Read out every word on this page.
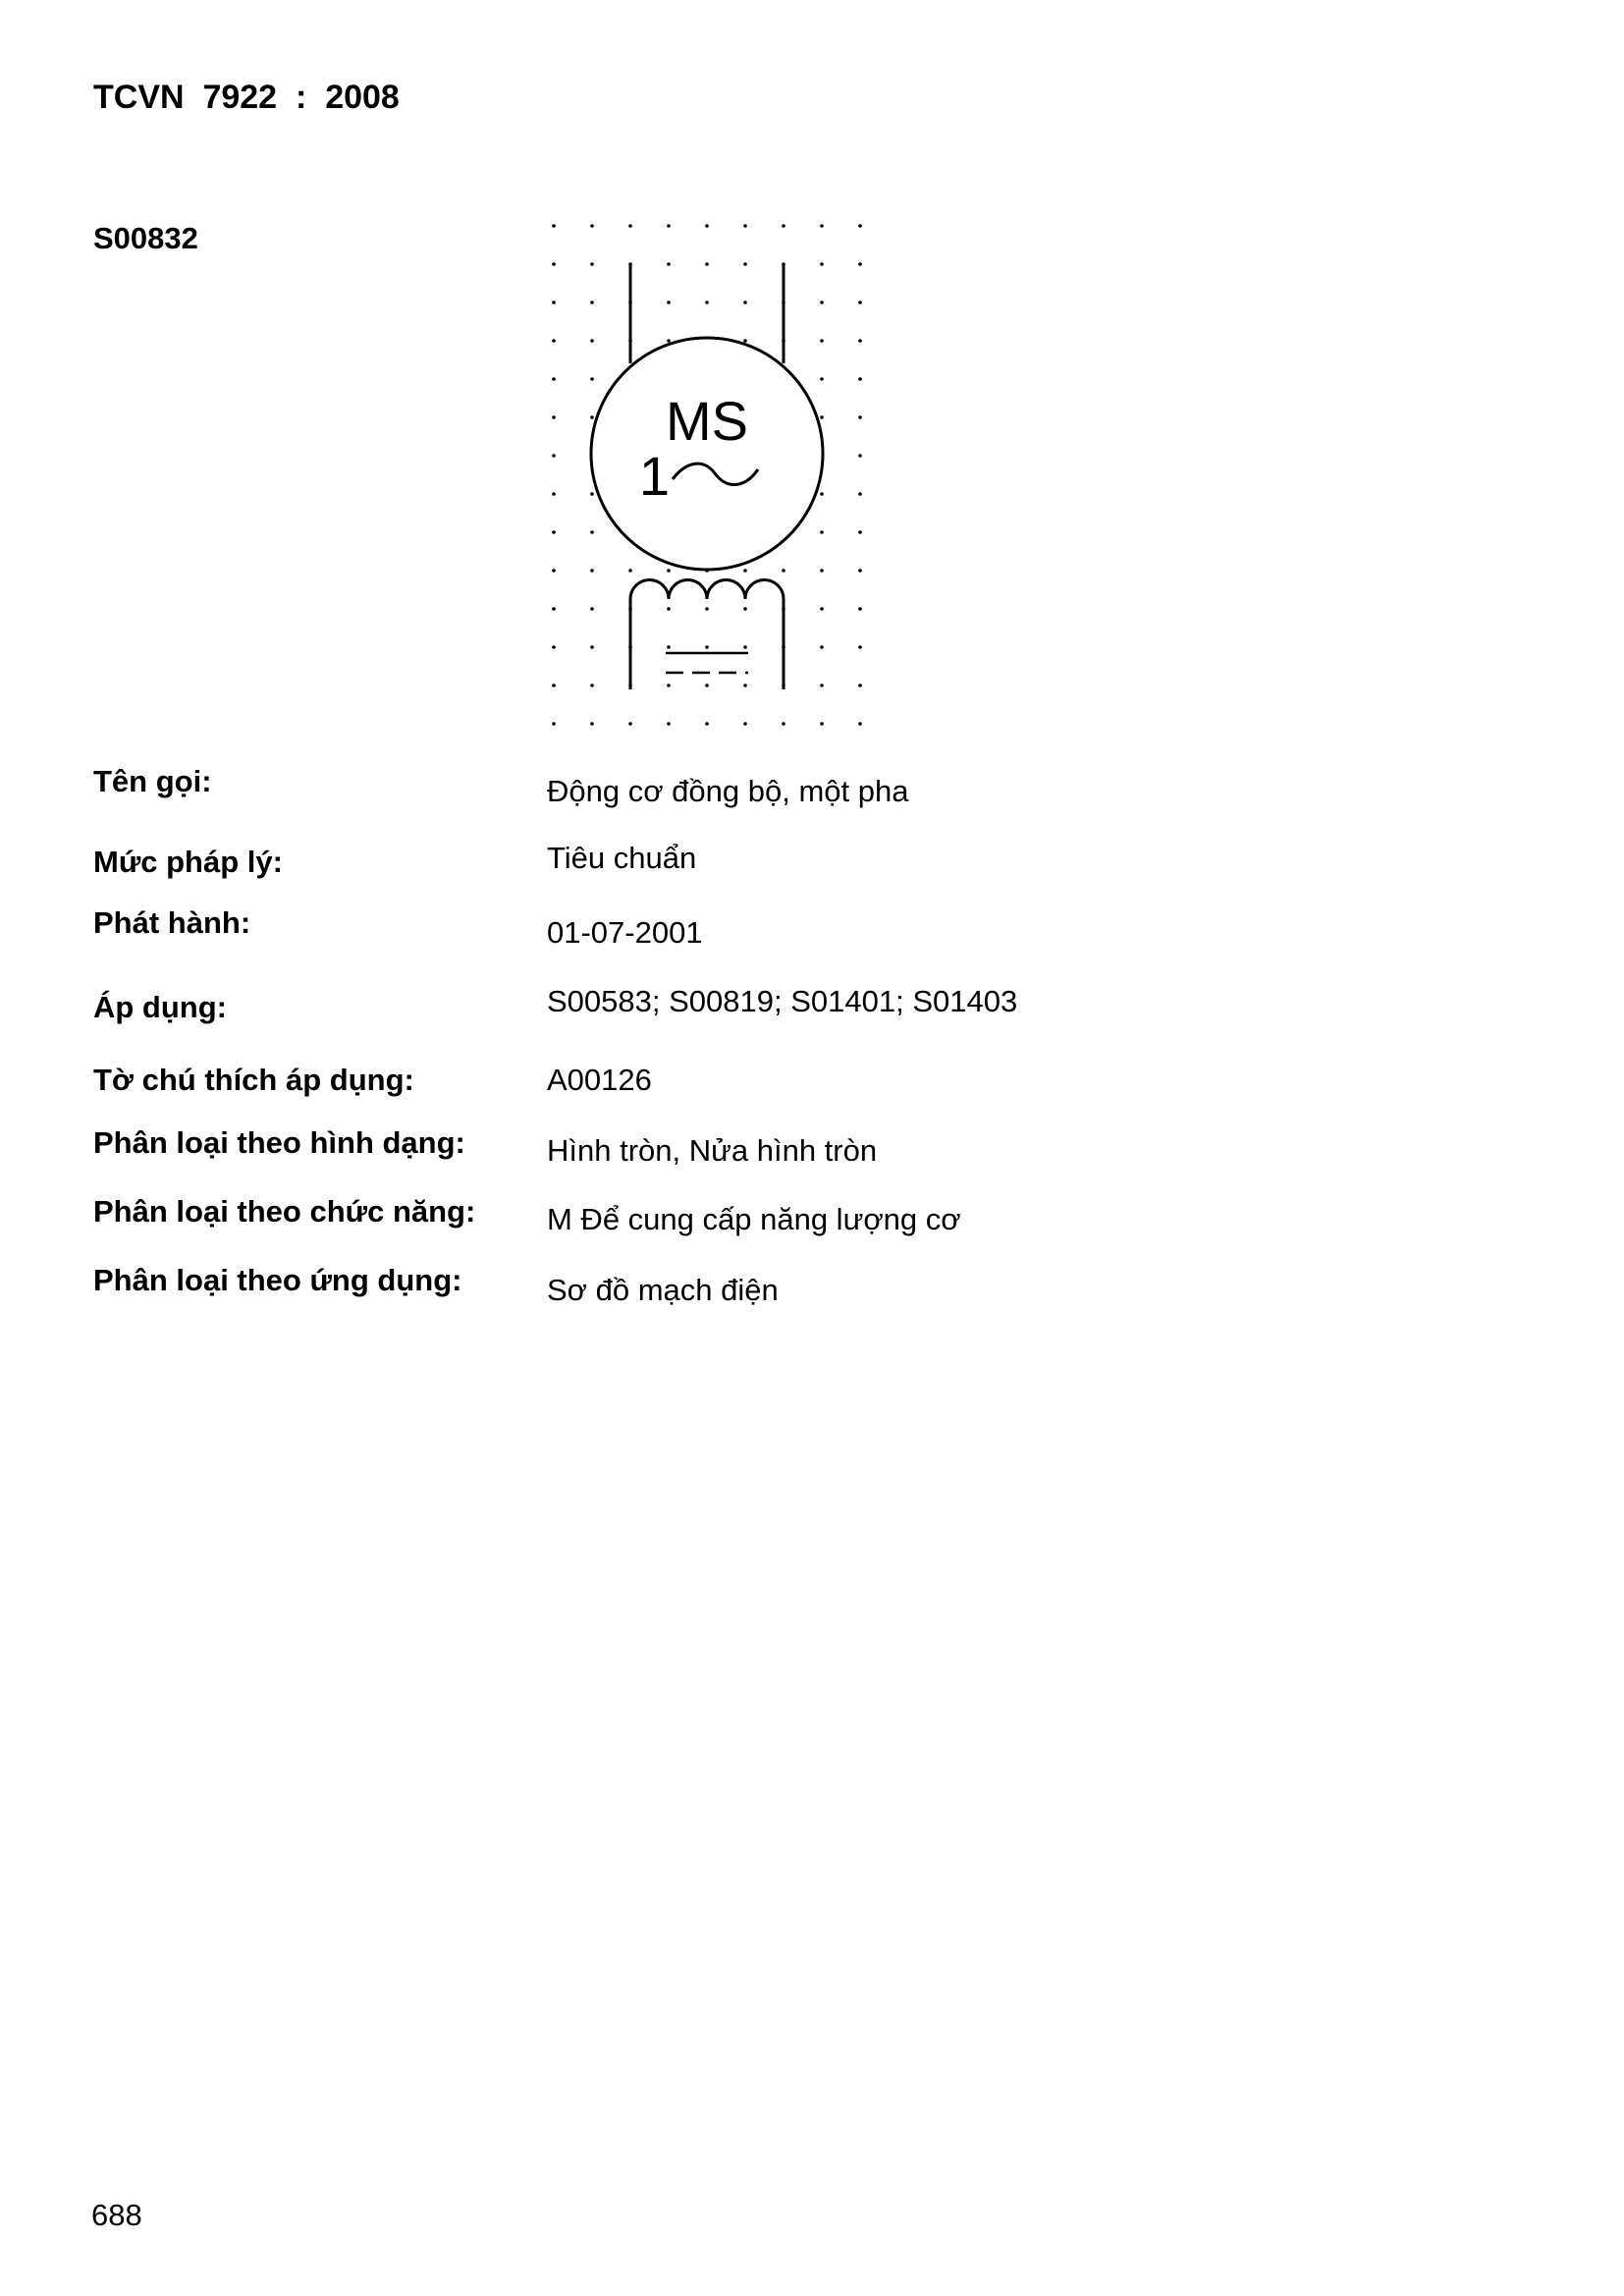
TCVN  7922  :  2008
S00832
MS
1
Tên gọi:	Động cơ đồng bộ, một pha
Mức pháp lý:	Tiêu chuẩn
Phát hành:	01-07-2001
Áp dụng:	S00583; S00819; S01401; S01403
Tờ chú thích áp dụng:	A00126
Phân loại theo hình dạng:	Hình tròn, Nửa hình tròn
Phân loại theo chức năng: M Để cung cấp năng lượng cơ
Phân loại theo ứng dụng:	Sơ đồ mạch điện
688
